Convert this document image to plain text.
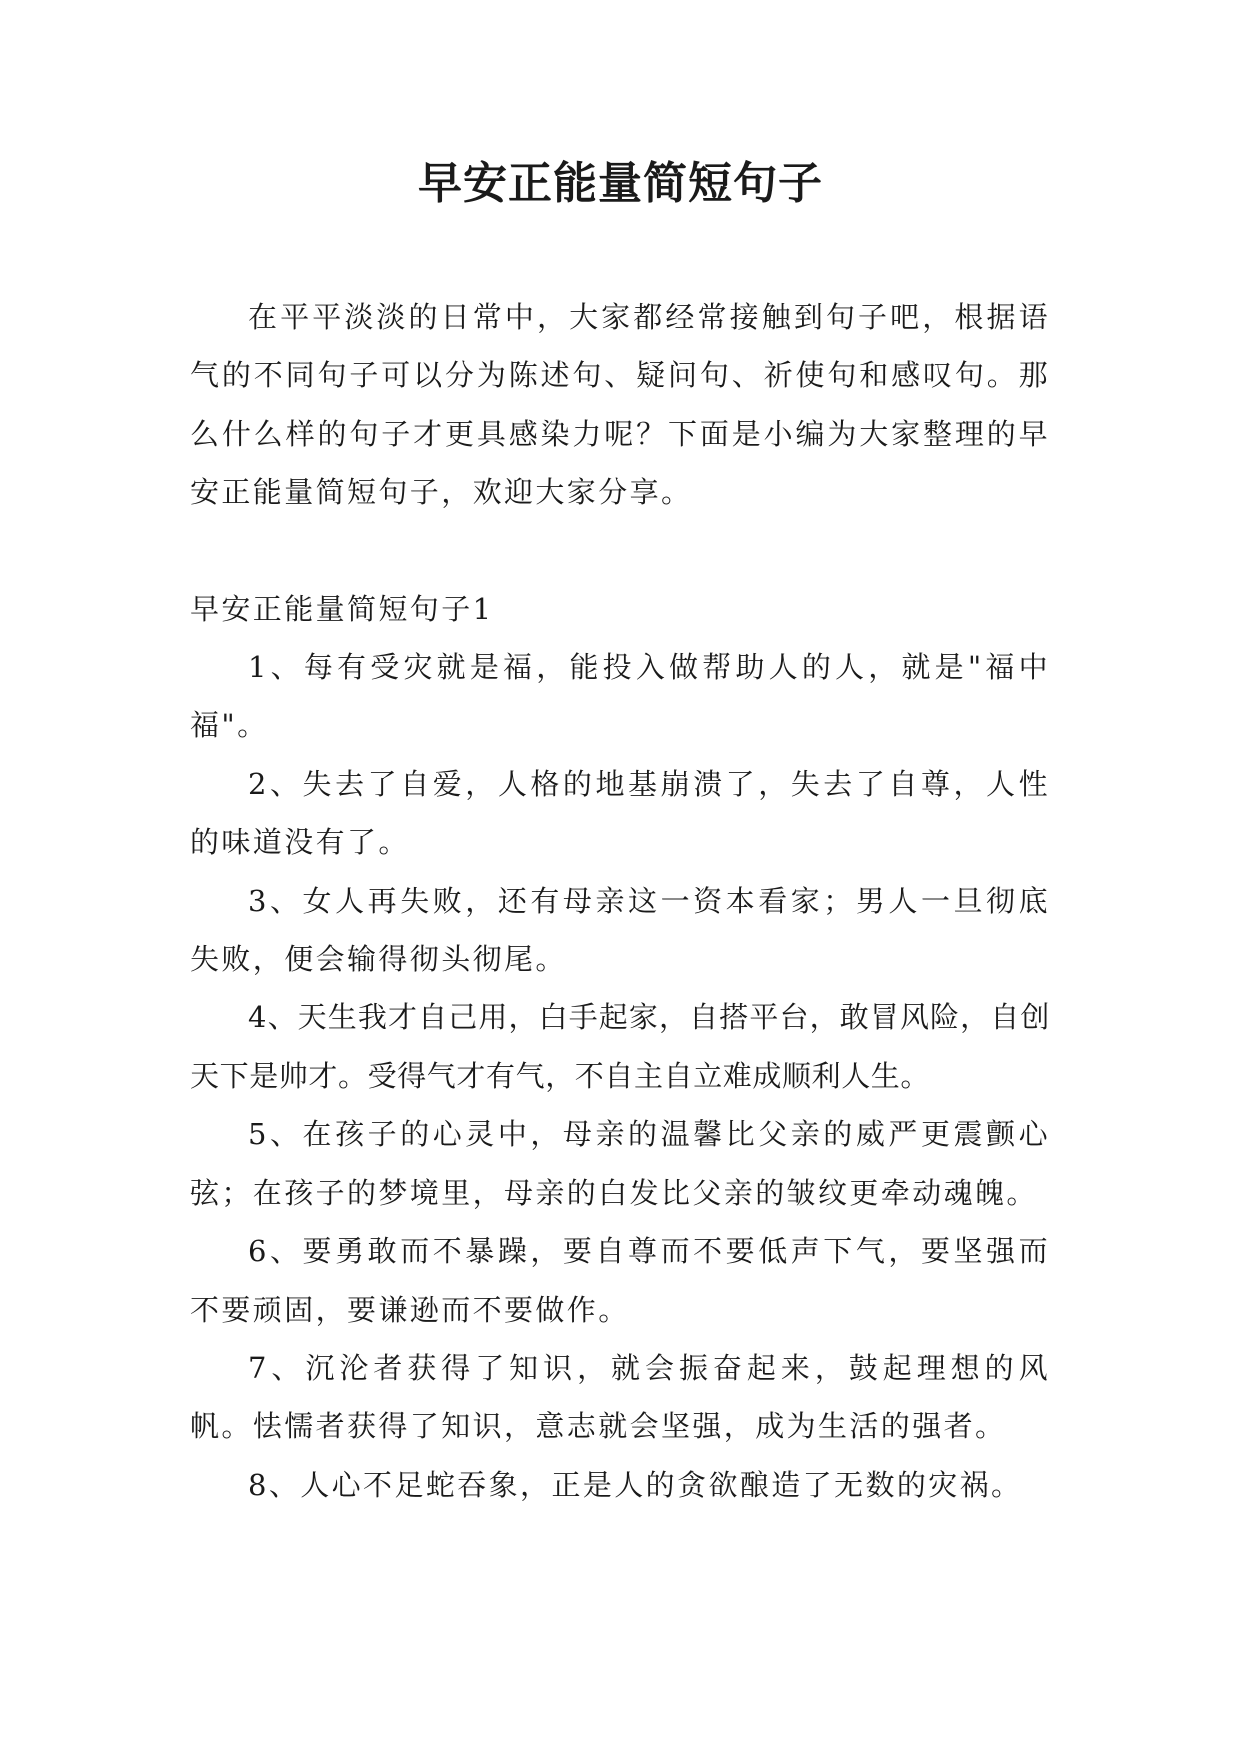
早安正能量简短句子

在平平淡淡的日常中，大家都经常接触到句子吧，根据语气的不同句子可以分为陈述句、疑问句、祈使句和感叹句。那么什么样的句子才更具感染力呢？下面是小编为大家整理的早安正能量简短句子，欢迎大家分享。

早安正能量简短句子1

1、每有受灾就是福，能投入做帮助人的人，就是"福中福"。

2、失去了自爱，人格的地基崩溃了，失去了自尊，人性的味道没有了。

3、女人再失败，还有母亲这一资本看家；男人一旦彻底失败，便会输得彻头彻尾。

4、天生我才自己用，白手起家，自搭平台，敢冒风险，自创天下是帅才。受得气才有气，不自主自立难成顺利人生。

5、在孩子的心灵中，母亲的温馨比父亲的威严更震颤心弦；在孩子的梦境里，母亲的白发比父亲的皱纹更牵动魂魄。

6、要勇敢而不暴躁，要自尊而不要低声下气，要坚强而不要顽固，要谦逊而不要做作。

7、沉沦者获得了知识，就会振奋起来，鼓起理想的风帆。怯懦者获得了知识，意志就会坚强，成为生活的强者。

8、人心不足蛇吞象，正是人的贪欲酿造了无数的灾祸。
